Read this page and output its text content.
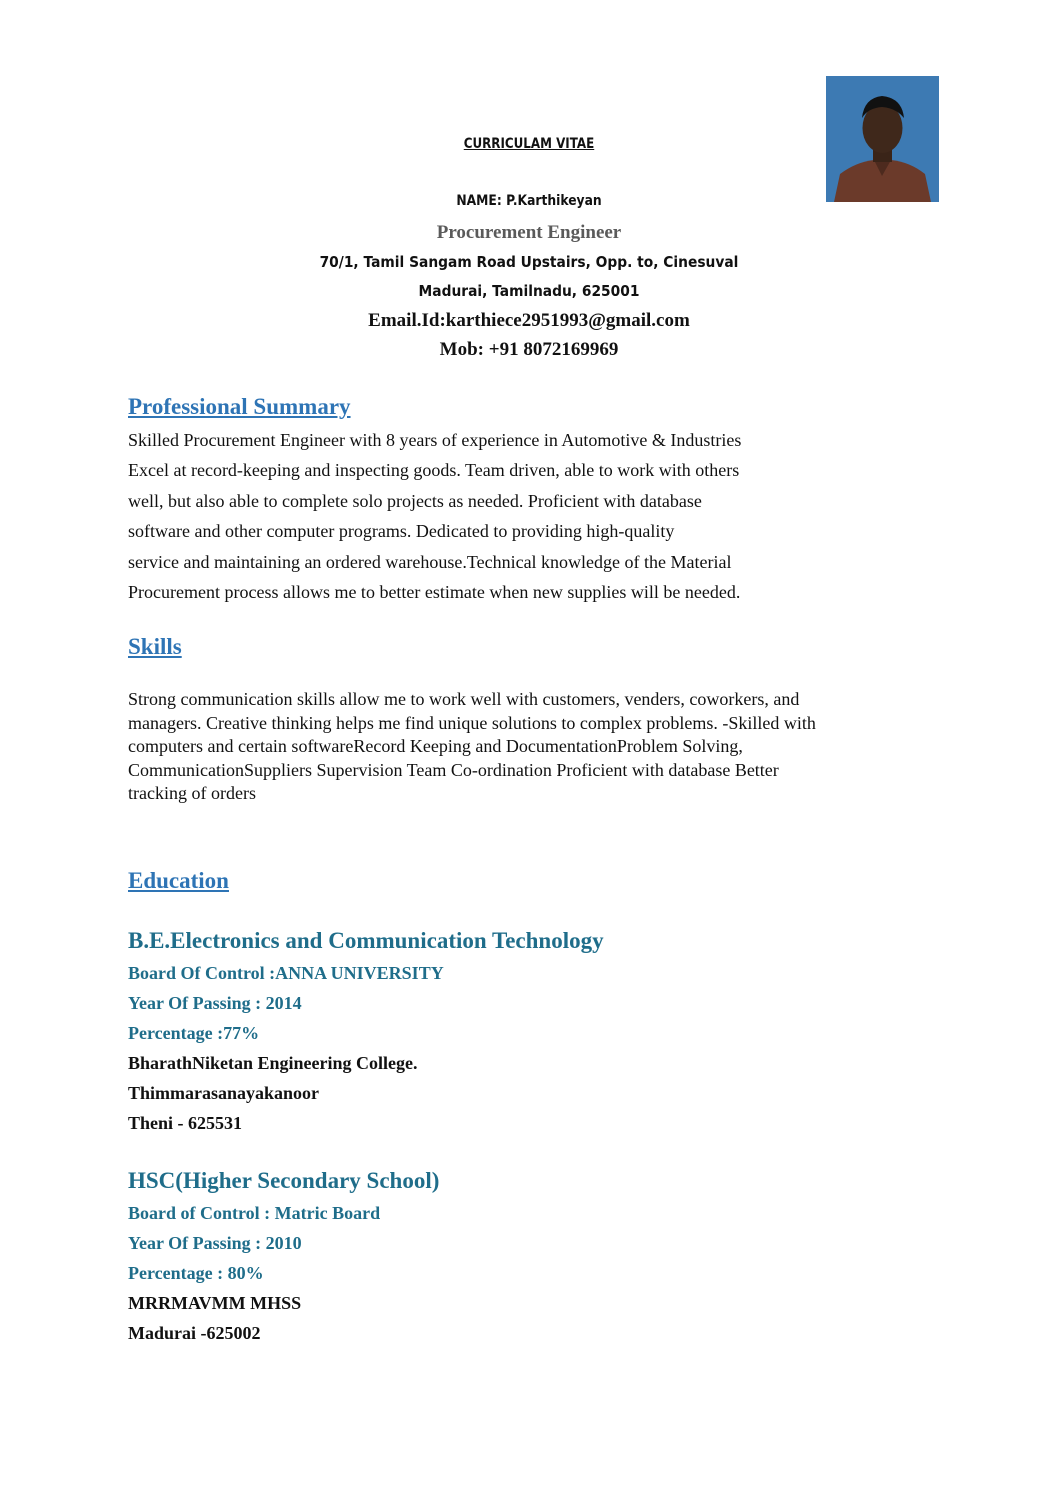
CURRICULAM VITAE
NAME: P.Karthikeyan
Procurement Engineer
70/1, Tamil Sangam Road Upstairs, Opp. to, Cinesuval
Madurai, Tamilnadu, 625001
Email.Id:karthiece2951993@gmail.com
Mob: +91 8072169969
Professional Summary
Skilled Procurement Engineer with 8 years of experience in Automotive & Industries
Excel at record-keeping and inspecting goods. Team driven, able to work with others
well, but also able to complete solo projects as needed. Proficient with database
software and other computer programs. Dedicated to providing high-quality
service and maintaining an ordered warehouse.Technical knowledge of the Material
Procurement process allows me to better estimate when new supplies will be needed.
Skills
Strong communication skills allow me to work well with customers, venders, coworkers, and
managers. Creative thinking helps me find unique solutions to complex problems. -Skilled with
computers and certain softwareRecord Keeping and DocumentationProblem Solving,
CommunicationSuppliers Supervision Team Co-ordination Proficient with database Better
tracking of orders
Education
B.E.Electronics and Communication Technology
Board Of Control :ANNA UNIVERSITY
Year Of Passing : 2014
Percentage :77%
BharathNiketan Engineering College.
Thimmarasanayakanoor
Theni - 625531
HSC(Higher Secondary School)
Board of Control : Matric Board
Year Of Passing : 2010
Percentage : 80%
MRRMAVMM MHSS
Madurai -625002
